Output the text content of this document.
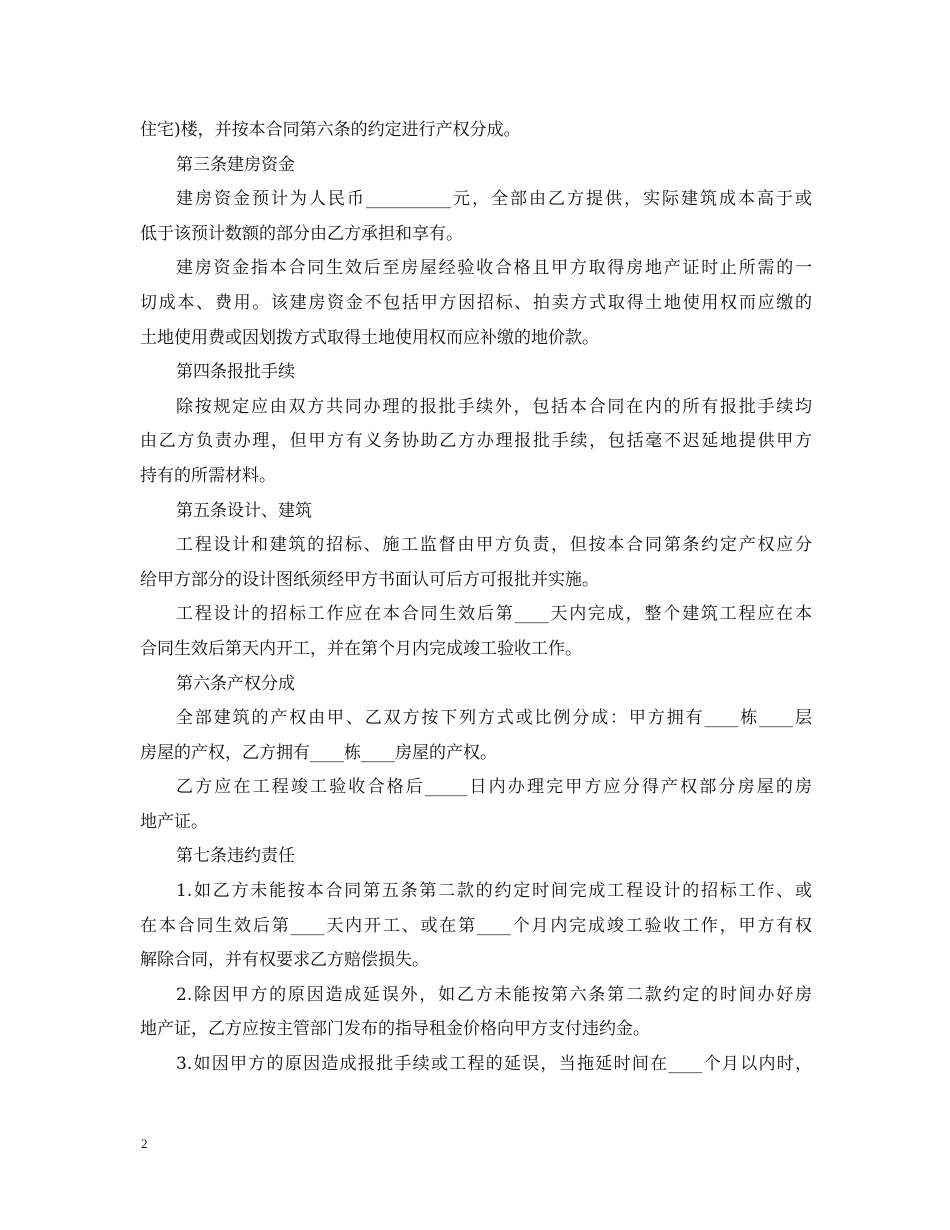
住宅)楼，并按本合同第六条的约定进行产权分成。
第三条建房资金
建房资金预计为人民币__________元，全部由乙方提供，实际建筑成本高于或
低于该预计数额的部分由乙方承担和享有。
建房资金指本合同生效后至房屋经验收合格且甲方取得房地产证时止所需的一
切成本、费用。该建房资金不包括甲方因招标、拍卖方式取得土地使用权而应缴的
土地使用费或因划拨方式取得土地使用权而应补缴的地价款。
第四条报批手续
除按规定应由双方共同办理的报批手续外，包括本合同在内的所有报批手续均
由乙方负责办理，但甲方有义务协助乙方办理报批手续，包括毫不迟延地提供甲方
持有的所需材料。
第五条设计、建筑
工程设计和建筑的招标、施工监督由甲方负责，但按本合同第条约定产权应分
给甲方部分的设计图纸须经甲方书面认可后方可报批并实施。
工程设计的招标工作应在本合同生效后第____天内完成，整个建筑工程应在本
合同生效后第天内开工，并在第个月内完成竣工验收工作。
第六条产权分成
全部建筑的产权由甲、乙双方按下列方式或比例分成：甲方拥有____栋____层
房屋的产权，乙方拥有____栋____房屋的产权。
乙方应在工程竣工验收合格后_____日内办理完甲方应分得产权部分房屋的房
地产证。
第七条违约责任
1.如乙方未能按本合同第五条第二款的约定时间完成工程设计的招标工作、或
在本合同生效后第____天内开工、或在第____个月内完成竣工验收工作，甲方有权
解除合同，并有权要求乙方赔偿损失。
2.除因甲方的原因造成延误外，如乙方未能按第六条第二款约定的时间办好房
地产证，乙方应按主管部门发布的指导租金价格向甲方支付违约金。
3.如因甲方的原因造成报批手续或工程的延误，当拖延时间在____个月以内时，
2
